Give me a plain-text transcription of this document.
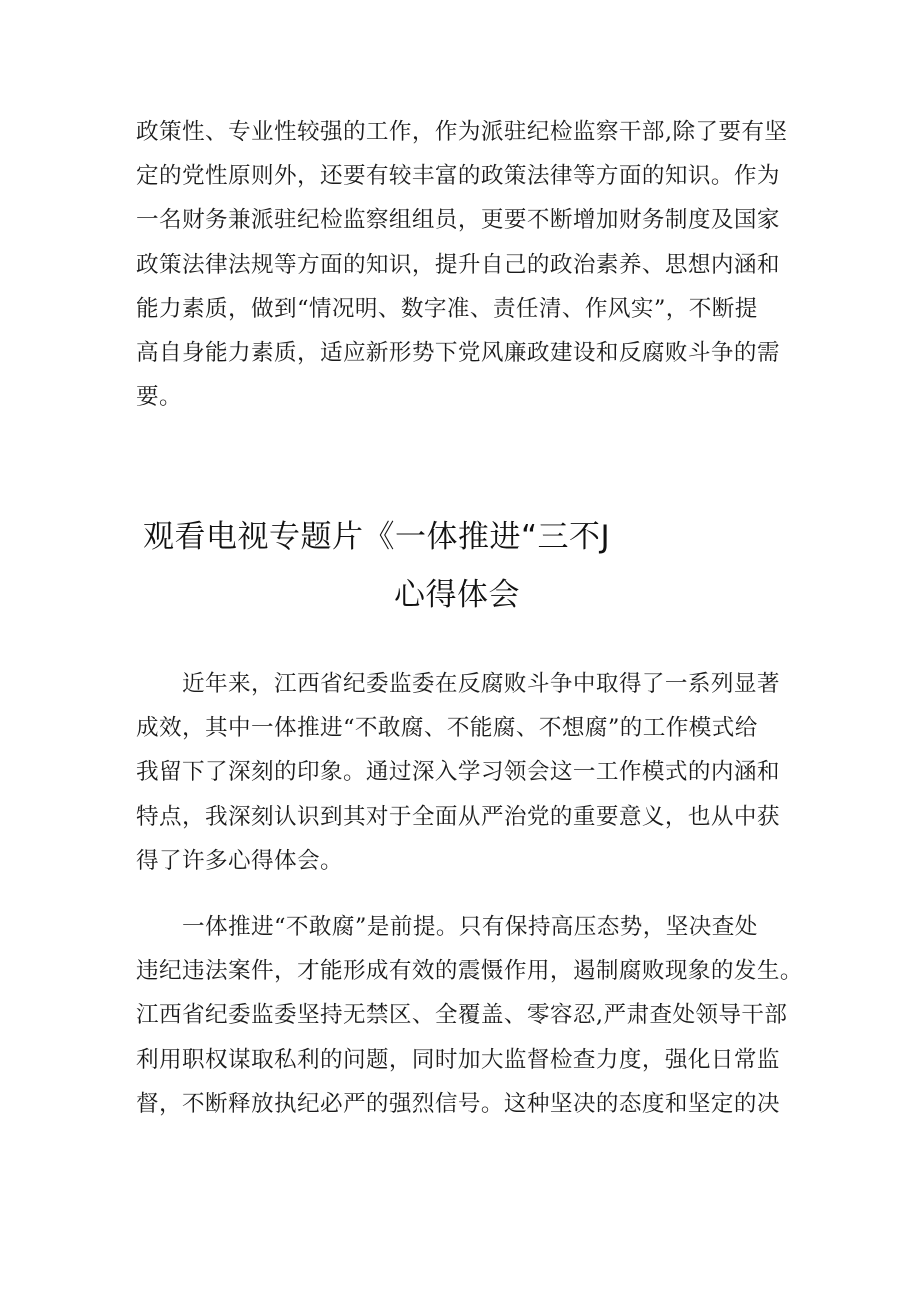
政策性、专业性较强的工作，作为派驻纪检监察干部,除了要有坚
定的党性原则外，还要有较丰富的政策法律等方面的知识。作为
一名财务兼派驻纪检监察组组员，更要不断增加财务制度及国家
政策法律法规等方面的知识，提升自己的政治素养、思想内涵和
能力素质，做到“情况明、数字准、责任清、作风实”，不断提
高自身能力素质，适应新形势下党风廉政建设和反腐败斗争的需
要。
观看电视专题片《一体推进“三不J
心得体会
近年来，江西省纪委监委在反腐败斗争中取得了一系列显著
成效，其中一体推进“不敢腐、不能腐、不想腐”的工作模式给
我留下了深刻的印象。通过深入学习领会这一工作模式的内涵和
特点，我深刻认识到其对于全面从严治党的重要意义，也从中获
得了许多心得体会。
一体推进“不敢腐”是前提。只有保持高压态势，坚决查处
违纪违法案件，才能形成有效的震慑作用，遏制腐败现象的发生。
江西省纪委监委坚持无禁区、全覆盖、零容忍,严肃查处领导干部
利用职权谋取私利的问题，同时加大监督检查力度，强化日常监
督，不断释放执纪必严的强烈信号。这种坚决的态度和坚定的决
